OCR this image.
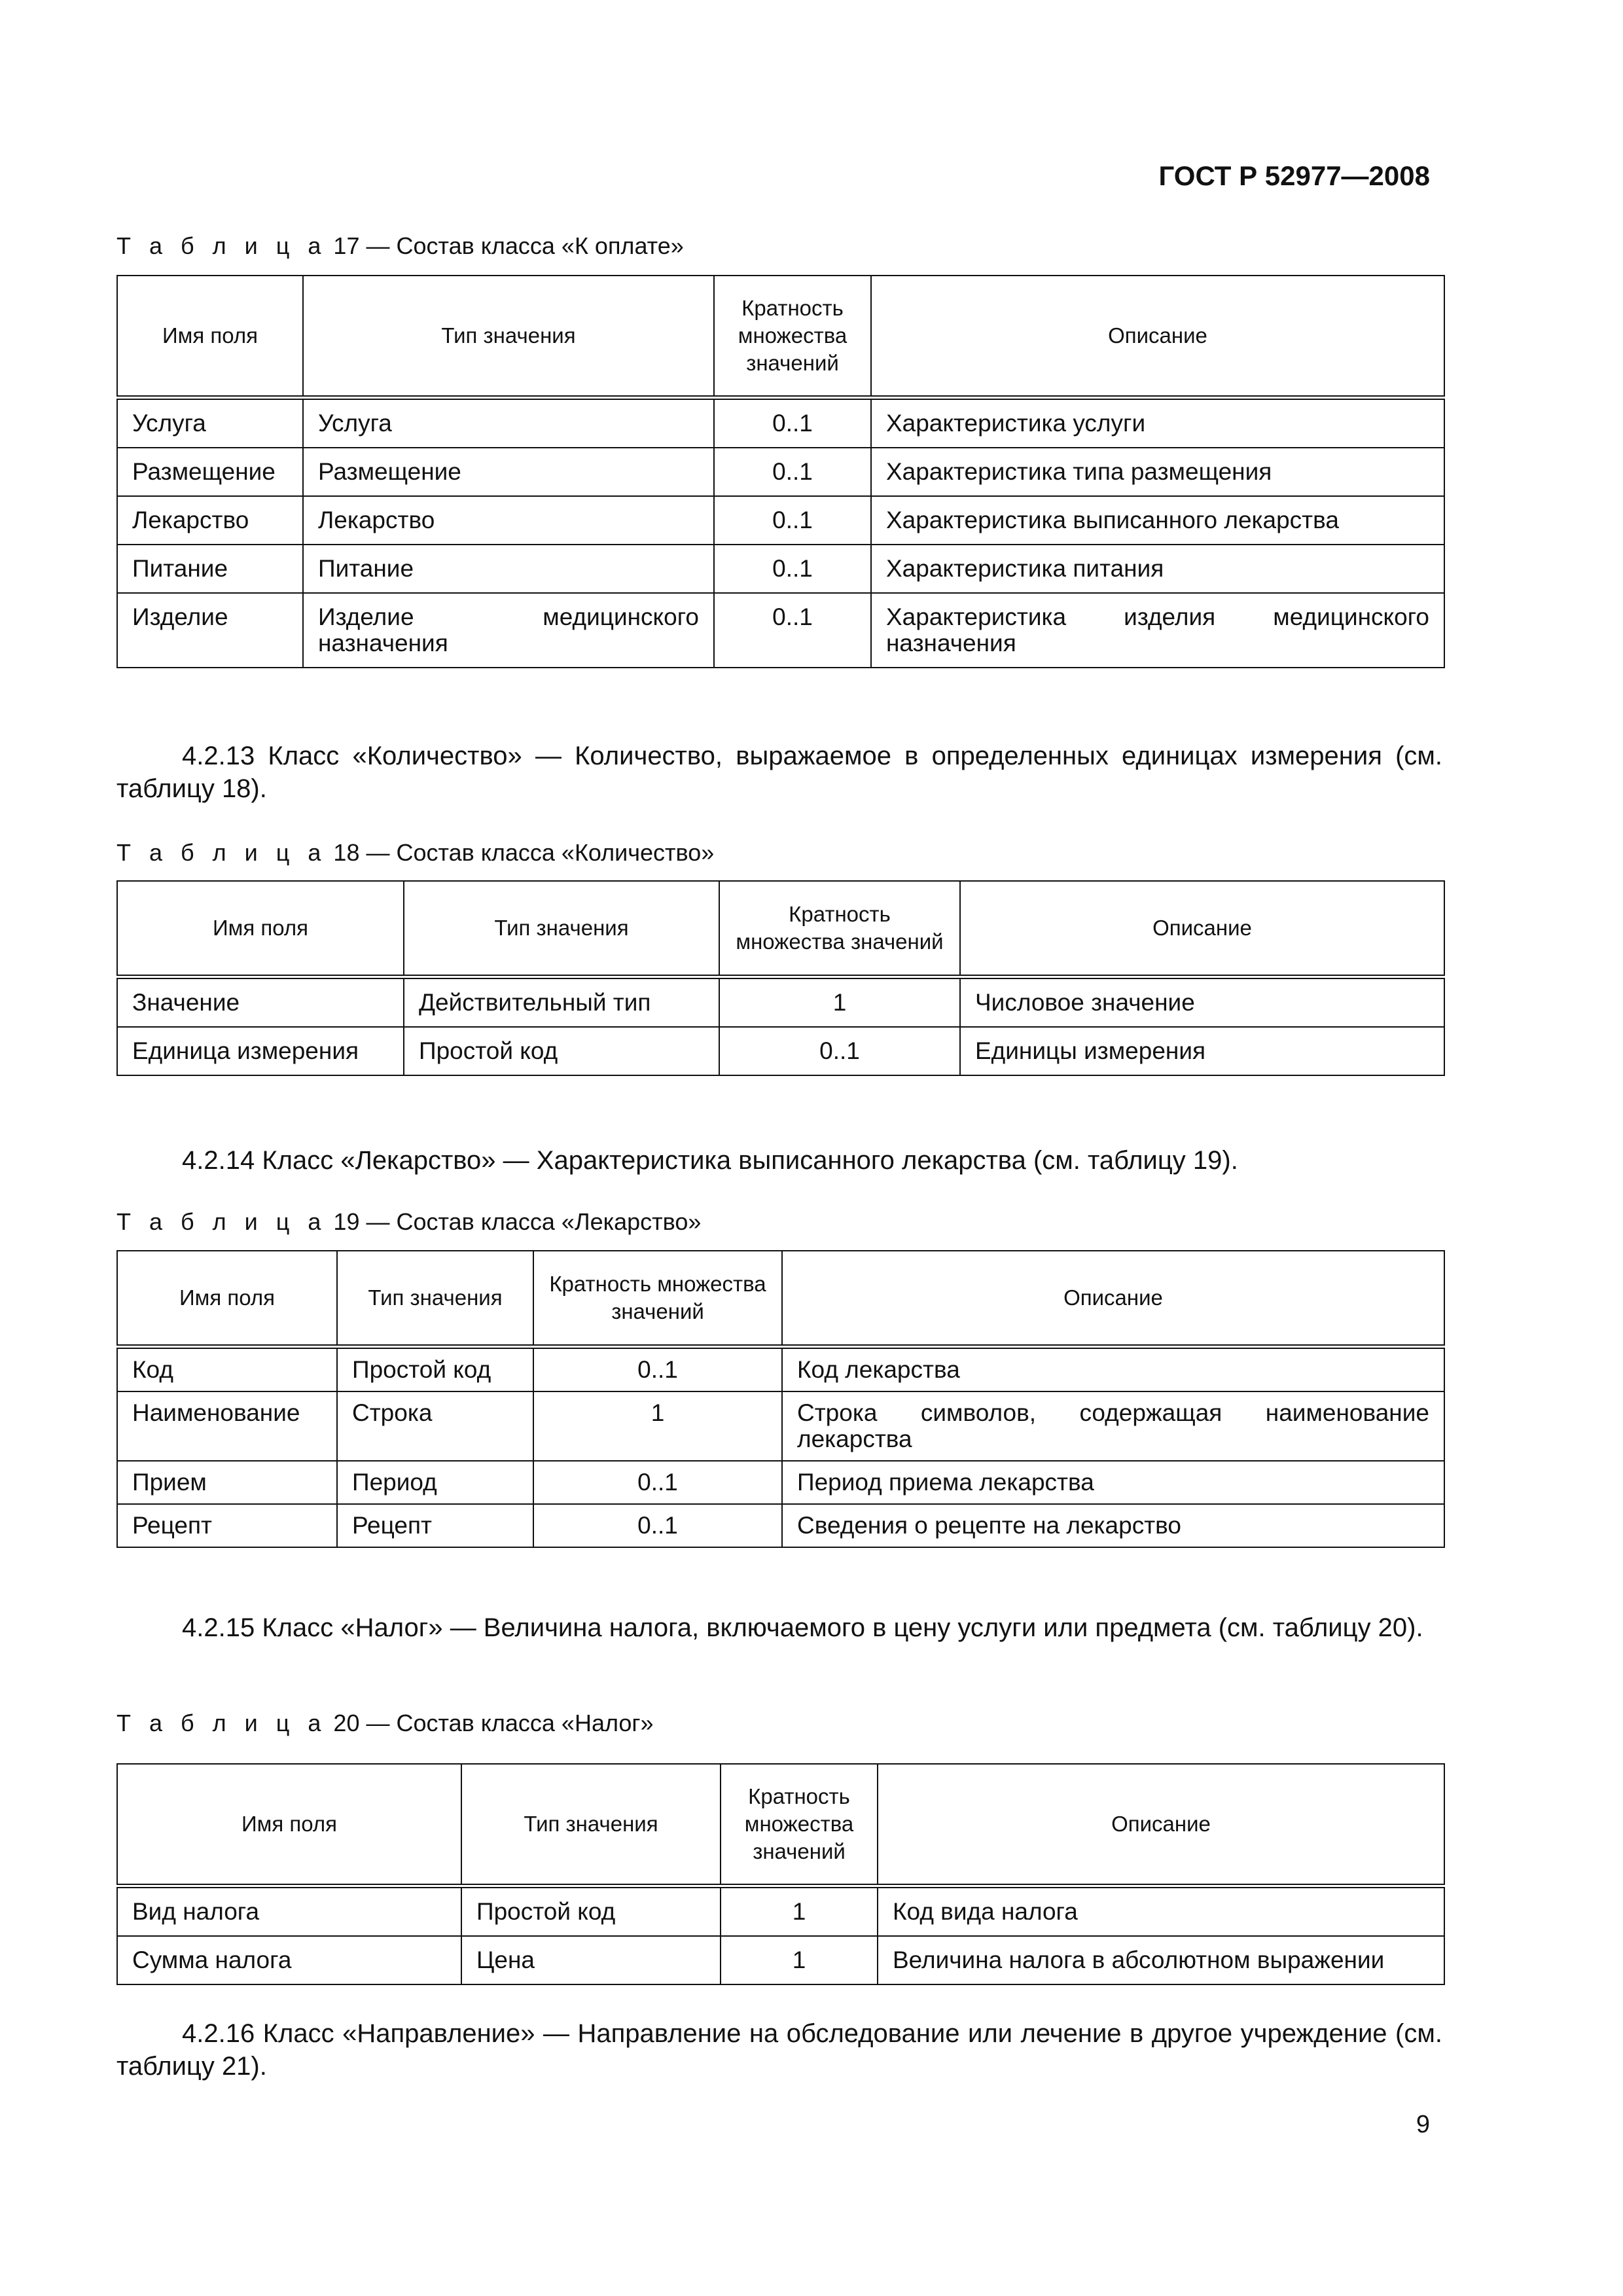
ГОСТ Р 52977—2008
Т а б л и ц а 17 — Состав класса «К оплате»
Имя поля	Тип значения	Кратность множества значений	Описание
Услуга	Услуга	0..1	Характеристика услуги
Размещение	Размещение	0..1	Характеристика типа размещения
Лекарство	Лекарство	0..1	Характеристика выписанного лекарства
Питание	Питание	0..1	Характеристика питания
Изделие	Изделие медицинского назначения	0..1	Характеристика изделия медицинского назначения
4.2.13 Класс «Количество» — Количество, выражаемое в определенных единицах измерения (см. таблицу 18).
Т а б л и ц а 18 — Состав класса «Количество»
Имя поля	Тип значения	Кратность множества значений	Описание
Значение	Действительный тип	1	Числовое значение
Единица измерения	Простой код	0..1	Единицы измерения
4.2.14 Класс «Лекарство» — Характеристика выписанного лекарства (см. таблицу 19).
Т а б л и ц а 19 — Состав класса «Лекарство»
Имя поля	Тип значения	Кратность множества значений	Описание
Код	Простой код	0..1	Код лекарства
Наименование	Строка	1	Строка символов, содержащая наименование лекарства
Прием	Период	0..1	Период приема лекарства
Рецепт	Рецепт	0..1	Сведения о рецепте на лекарство
4.2.15 Класс «Налог» — Величина налога, включаемого в цену услуги или предмета (см. таблицу 20).
Т а б л и ц а 20 — Состав класса «Налог»
Имя поля	Тип значения	Кратность множества значений	Описание
Вид налога	Простой код	1	Код вида налога
Сумма налога	Цена	1	Величина налога в абсолютном выражении
4.2.16 Класс «Направление» — Направление на обследование или лечение в другое учреждение (см. таблицу 21).
9
